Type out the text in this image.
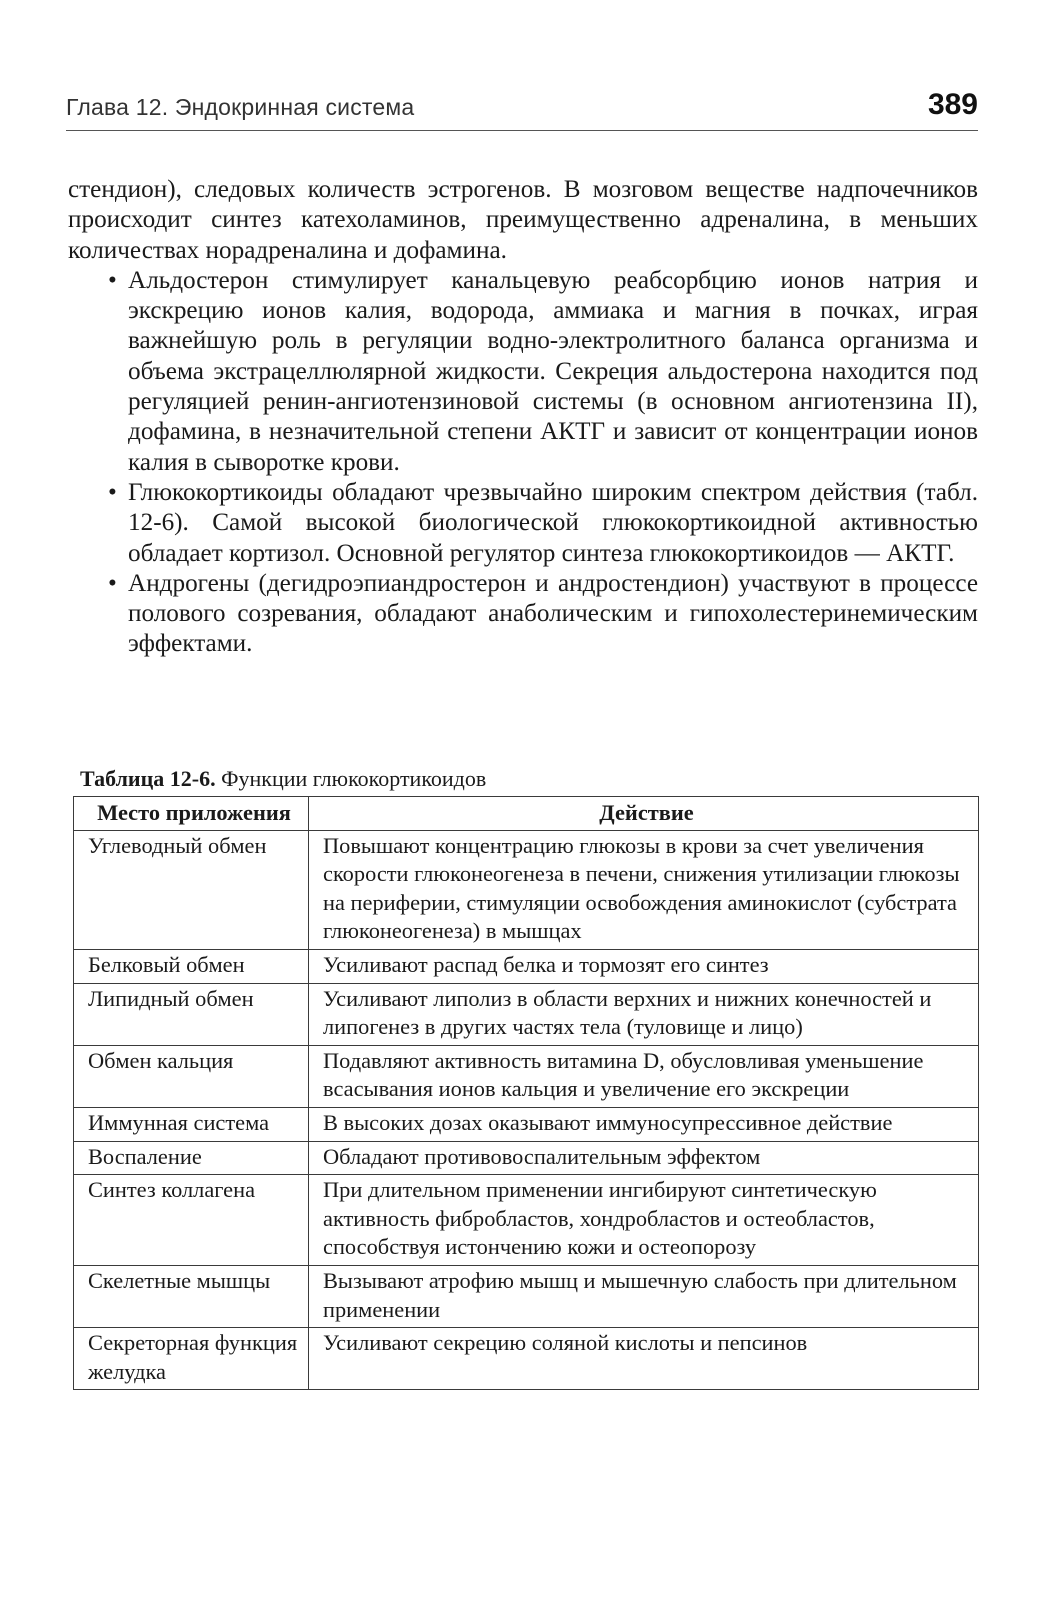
Глава 12. Эндокринная система	389

стендион), следовых количеств эстрогенов. В мозговом веществе надпочечников происходит синтез катехоламинов, преимущественно адреналина, в меньших количествах норадреналина и дофамина.

• Альдостерон стимулирует канальцевую реабсорбцию ионов натрия и экскрецию ионов калия, водорода, аммиака и магния в почках, играя важнейшую роль в регуляции водно-электролитного баланса организма и объема экстрацеллюлярной жидкости. Секреция альдостерона находится под регуляцией ренин-ангиотензиновой системы (в основном ангиотензина II), дофамина, в незначительной степени АКТГ и зависит от концентрации ионов калия в сыворотке крови.
• Глюкокортикоиды обладают чрезвычайно широким спектром действия (табл. 12-6). Самой высокой биологической глюкокортикоидной активностью обладает кортизол. Основной регулятор синтеза глюкокортикоидов — АКТГ.
• Андрогены (дегидроэпиандростерон и андростендион) участвуют в процессе полового созревания, обладают анаболическим и гипохолестеринемическим эффектами.
Таблица 12-6. Функции глюкокортикоидов
Место приложения	Действие
Углеводный обмен	Повышают концентрацию глюкозы в крови за счет увеличения скорости глюконеогенеза в печени, снижения утилизации глюкозы на периферии, стимуляции освобождения аминокислот (субстрата глюконеогенеза) в мышцах
Белковый обмен	Усиливают распад белка и тормозят его синтез
Липидный обмен	Усиливают липолиз в области верхних и нижних конечностей и липогенез в других частях тела (туловище и лицо)
Обмен кальция	Подавляют активность витамина D, обусловливая уменьшение всасывания ионов кальция и увеличение его экскреции
Иммунная система	В высоких дозах оказывают иммуносупрессивное действие
Воспаление	Обладают противовоспалительным эффектом
Синтез коллагена	При длительном применении ингибируют синтетическую активность фибробластов, хондробластов и остеобластов, способствуя истончению кожи и остеопорозу
Скелетные мышцы	Вызывают атрофию мышц и мышечную слабость при длительном применении
Секреторная функция желудка	Усиливают секрецию соляной кислоты и пепсинов
